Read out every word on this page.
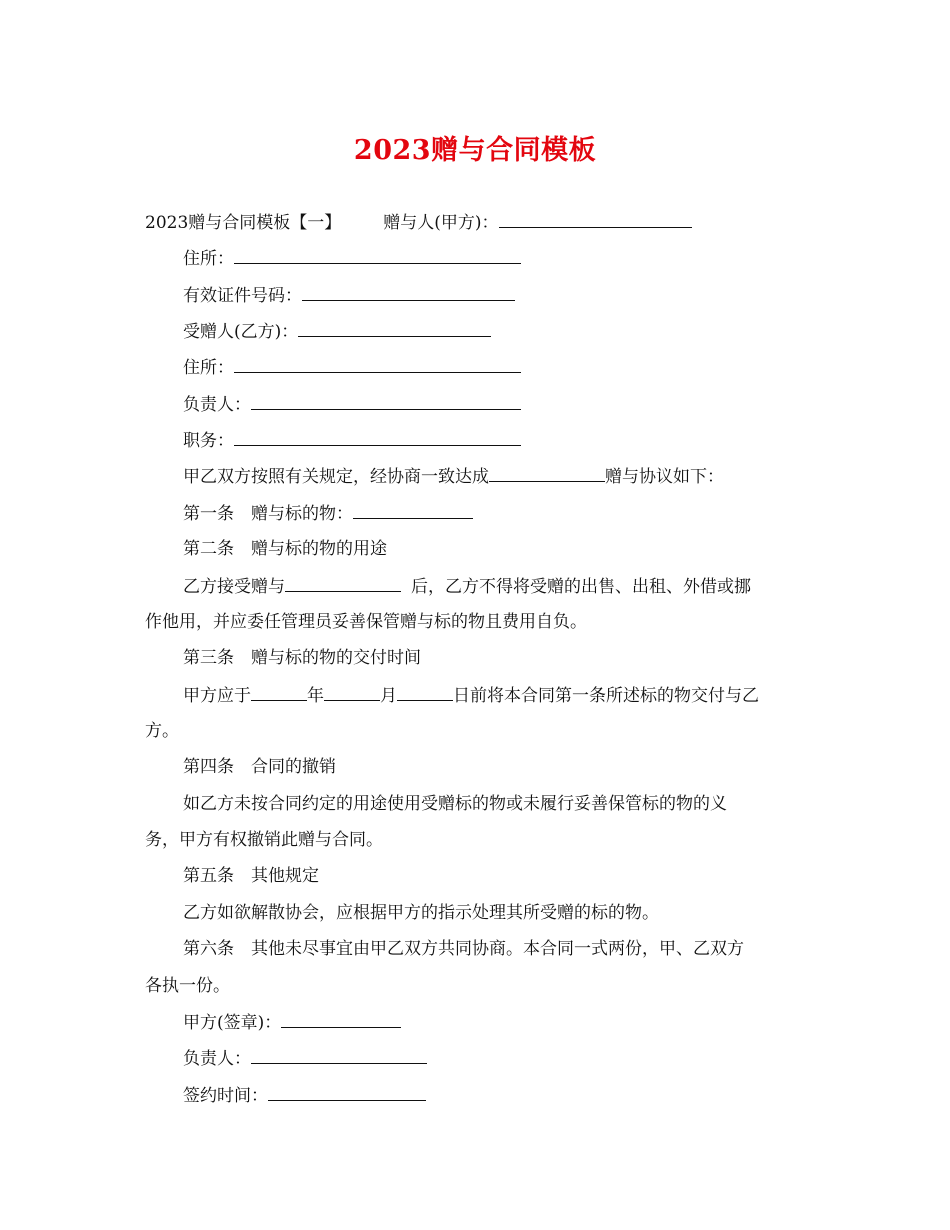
2023赠与合同模板
2023赠与合同模板【一】 赠与人(甲方)：
住所：
有效证件号码：
受赠人(乙方)：
住所：
负责人：
职务：
甲乙双方按照有关规定，经协商一致达成	赠与协议如下：
第一条　赠与标的物：
第二条　赠与标的物的用途
乙方接受赠与	后，乙方不得将受赠的出售、出租、外借或挪
作他用，并应委任管理员妥善保管赠与标的物且费用自负。
第三条　赠与标的物的交付时间
甲方应于	年	月	日前将本合同第一条所述标的物交付与乙
方。
第四条　合同的撤销
如乙方未按合同约定的用途使用受赠标的物或未履行妥善保管标的物的义
务，甲方有权撤销此赠与合同。
第五条　其他规定
乙方如欲解散协会，应根据甲方的指示处理其所受赠的标的物。
第六条　其他未尽事宜由甲乙双方共同协商。本合同一式两份，甲、乙双方
各执一份。
甲方(签章)：
负责人：
签约时间：
